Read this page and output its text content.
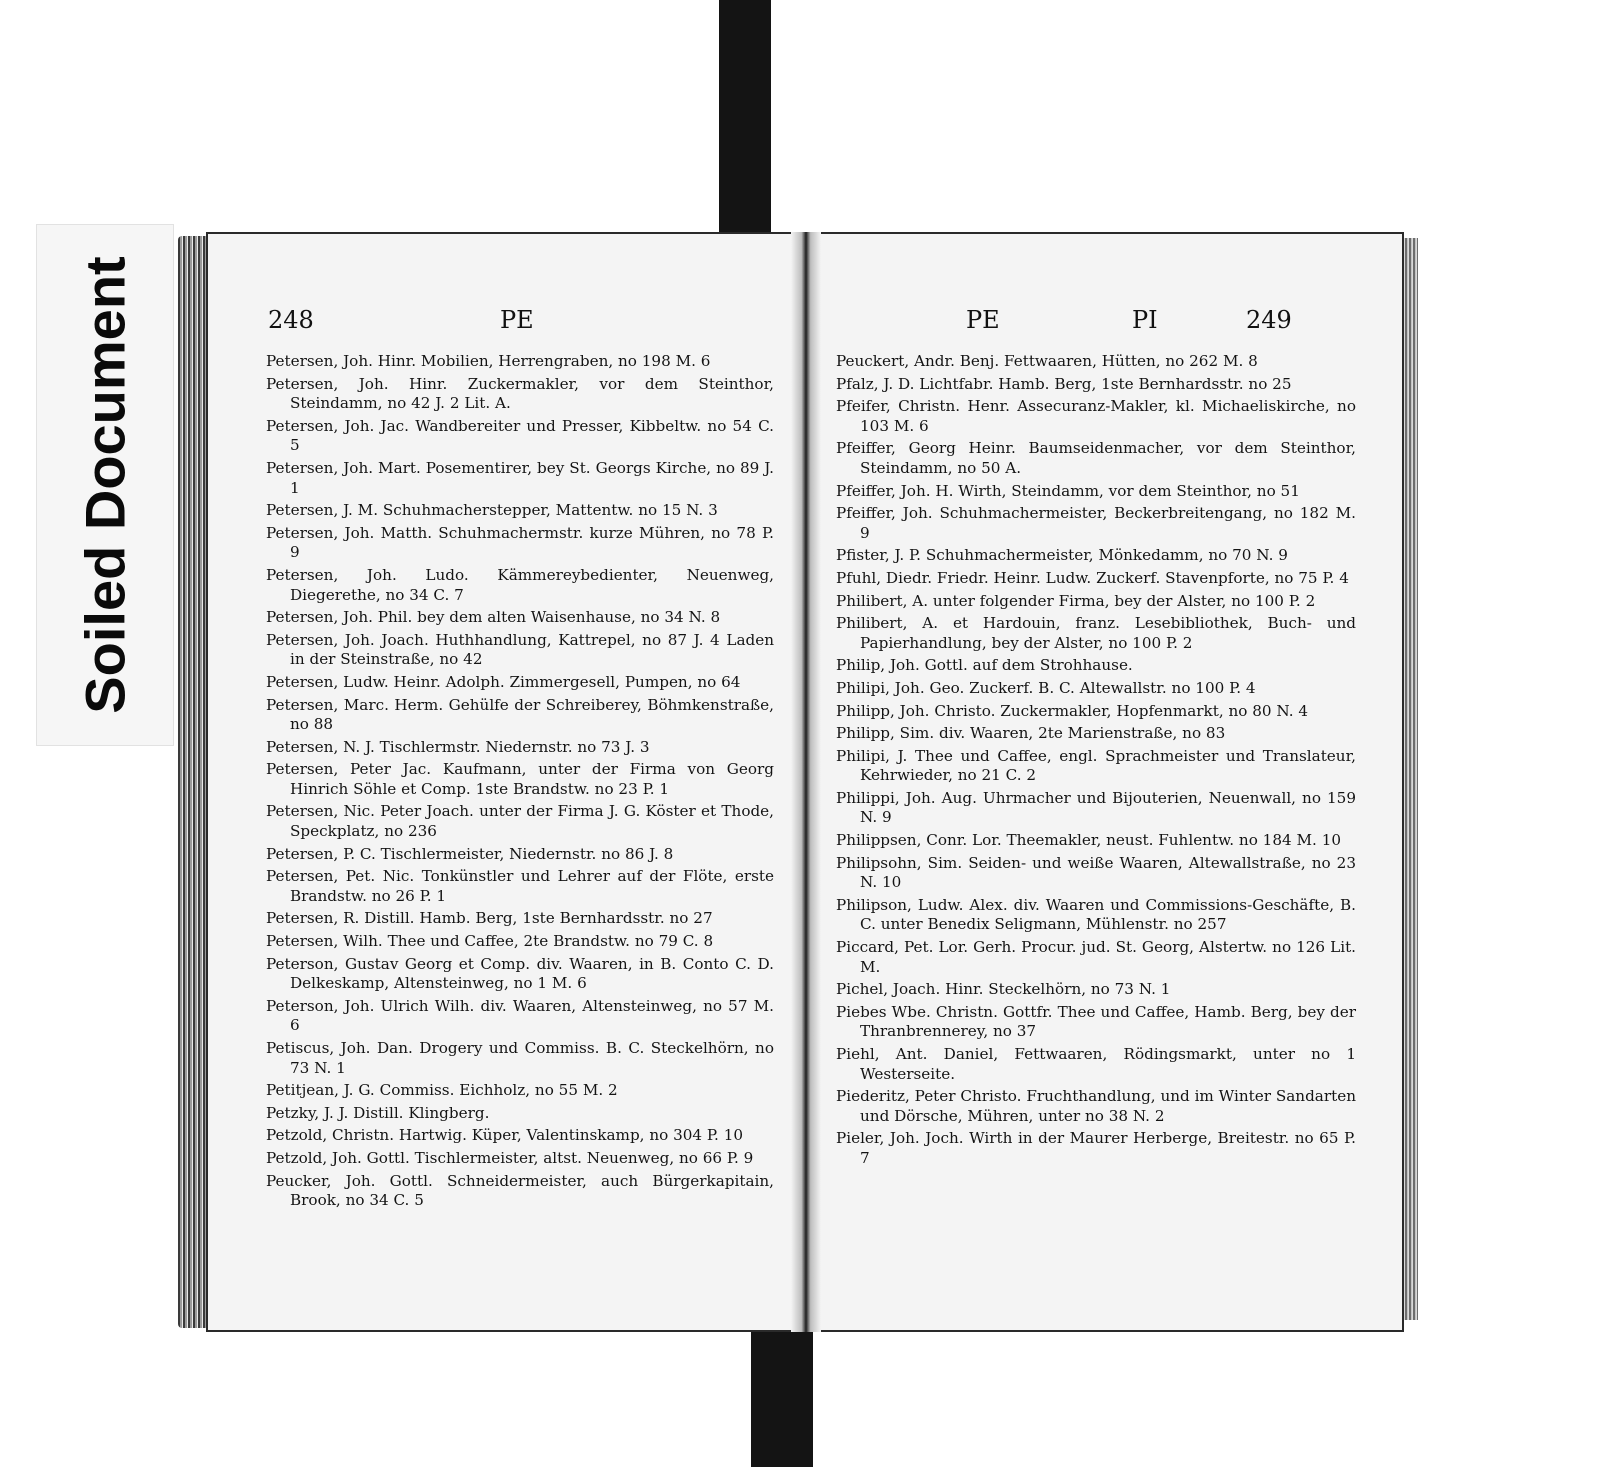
Soiled Document	248	PE

Petersen, Joh. Hinr. Mobilien, Herrengraben, no 198 M. 6

Petersen, Joh. Hinr. Zuckermakler, vor dem Steinthor, Steindamm, no 42 J. 2 Lit. A.

Petersen, Joh. Jac. Wandbereiter und Presser, Kibbeltw. no 54 C. 5

Petersen, Joh. Mart. Posementirer, bey St. Georgs Kirche, no 89 J. 1

Petersen, J. M. Schuhmacherstepper, Mattentw. no 15 N. 3

Petersen, Joh. Matth. Schuhmachermstr. kurze Mühren, no 78 P. 9

Petersen, Joh. Ludo. Kämmereybedienter, Neuenweg, Diegerethe, no 34 C. 7

Petersen, Joh. Phil. bey dem alten Waisenhause, no 34 N. 8

Petersen, Joh. Joach. Huthhandlung, Kattrepel, no 87 J. 4 Laden in der Steinstraße, no 42

Petersen, Ludw. Heinr. Adolph. Zimmergesell, Pumpen, no 64

Petersen, Marc. Herm. Gehülfe der Schreiberey, Böhmkenstraße, no 88

Petersen, N. J. Tischlermstr. Niedernstr. no 73 J. 3

Petersen, Peter Jac. Kaufmann, unter der Firma von Georg Hinrich Söhle et Comp. 1ste Brandstw. no 23 P. 1

Petersen, Nic. Peter Joach. unter der Firma J. G. Köster et Thode, Speckplatz, no 236

Petersen, P. C. Tischlermeister, Niedernstr. no 86 J. 8

Petersen, Pet. Nic. Tonkünstler und Lehrer auf der Flöte, erste Brandstw. no 26 P. 1

Petersen, R. Distill. Hamb. Berg, 1ste Bernhardsstr. no 27

Petersen, Wilh. Thee und Caffee, 2te Brandstw. no 79 C. 8

Peterson, Gustav Georg et Comp. div. Waaren, in B. Conto C. D. Delkeskamp, Altensteinweg, no 1 M. 6

Peterson, Joh. Ulrich Wilh. div. Waaren, Altensteinweg, no 57 M. 6

Petiscus, Joh. Dan. Drogery und Commiss. B. C. Steckelhörn, no 73 N. 1

Petitjean, J. G. Commiss. Eichholz, no 55 M. 2

Petzky, J. J. Distill. Klingberg.

Petzold, Christn. Hartwig. Küper, Valentinskamp, no 304 P. 10

Petzold, Joh. Gottl. Tischlermeister, altst. Neuenweg, no 66 P. 9

Peucker, Joh. Gottl. Schneidermeister, auch Bürgerkapitain, Brook, no 34 C. 5

PE	PI	249

Peuckert, Andr. Benj. Fettwaaren, Hütten, no 262 M. 8

Pfalz, J. D. Lichtfabr. Hamb. Berg, 1ste Bernhardsstr. no 25

Pfeifer, Christn. Henr. Assecuranz-Makler, kl. Michaeliskirche, no 103 M. 6

Pfeiffer, Georg Heinr. Baumseidenmacher, vor dem Steinthor, Steindamm, no 50 A.

Pfeiffer, Joh. H. Wirth, Steindamm, vor dem Steinthor, no 51

Pfeiffer, Joh. Schuhmachermeister, Beckerbreitengang, no 182 M. 9

Pfister, J. P. Schuhmachermeister, Mönkedamm, no 70 N. 9

Pfuhl, Diedr. Friedr. Heinr. Ludw. Zuckerf. Stavenpforte, no 75 P. 4

Philibert, A. unter folgender Firma, bey der Alster, no 100 P. 2

Philibert, A. et Hardouin, franz. Lesebibliothek, Buch- und Papierhandlung, bey der Alster, no 100 P. 2

Philip, Joh. Gottl. auf dem Strohhause.

Philipi, Joh. Geo. Zuckerf. B. C. Altewallstr. no 100 P. 4

Philipp, Joh. Christo. Zuckermakler, Hopfenmarkt, no 80 N. 4

Philipp, Sim. div. Waaren, 2te Marienstraße, no 83

Philipi, J. Thee und Caffee, engl. Sprachmeister und Translateur, Kehrwieder, no 21 C. 2

Philippi, Joh. Aug. Uhrmacher und Bijouterien, Neuenwall, no 159 N. 9

Philippsen, Conr. Lor. Theemakler, neust. Fuhlentw. no 184 M. 10

Philipsohn, Sim. Seiden- und weiße Waaren, Altewallstraße, no 23 N. 10

Philipson, Ludw. Alex. div. Waaren und Commissions-Geschäfte, B. C. unter Benedix Seligmann, Mühlenstr. no 257

Piccard, Pet. Lor. Gerh. Procur. jud. St. Georg, Alstertw. no 126 Lit. M.

Pichel, Joach. Hinr. Steckelhörn, no 73 N. 1

Piebes Wbe. Christn. Gottfr. Thee und Caffee, Hamb. Berg, bey der Thranbrennerey, no 37

Piehl, Ant. Daniel, Fettwaaren, Rödingsmarkt, unter no 1 Westerseite.

Piederitz, Peter Christo. Fruchthandlung, und im Winter Sandarten und Dörsche, Mühren, unter no 38 N. 2

Pieler, Joh. Joch. Wirth in der Maurer Herberge, Breitestr. no 65 P. 7
